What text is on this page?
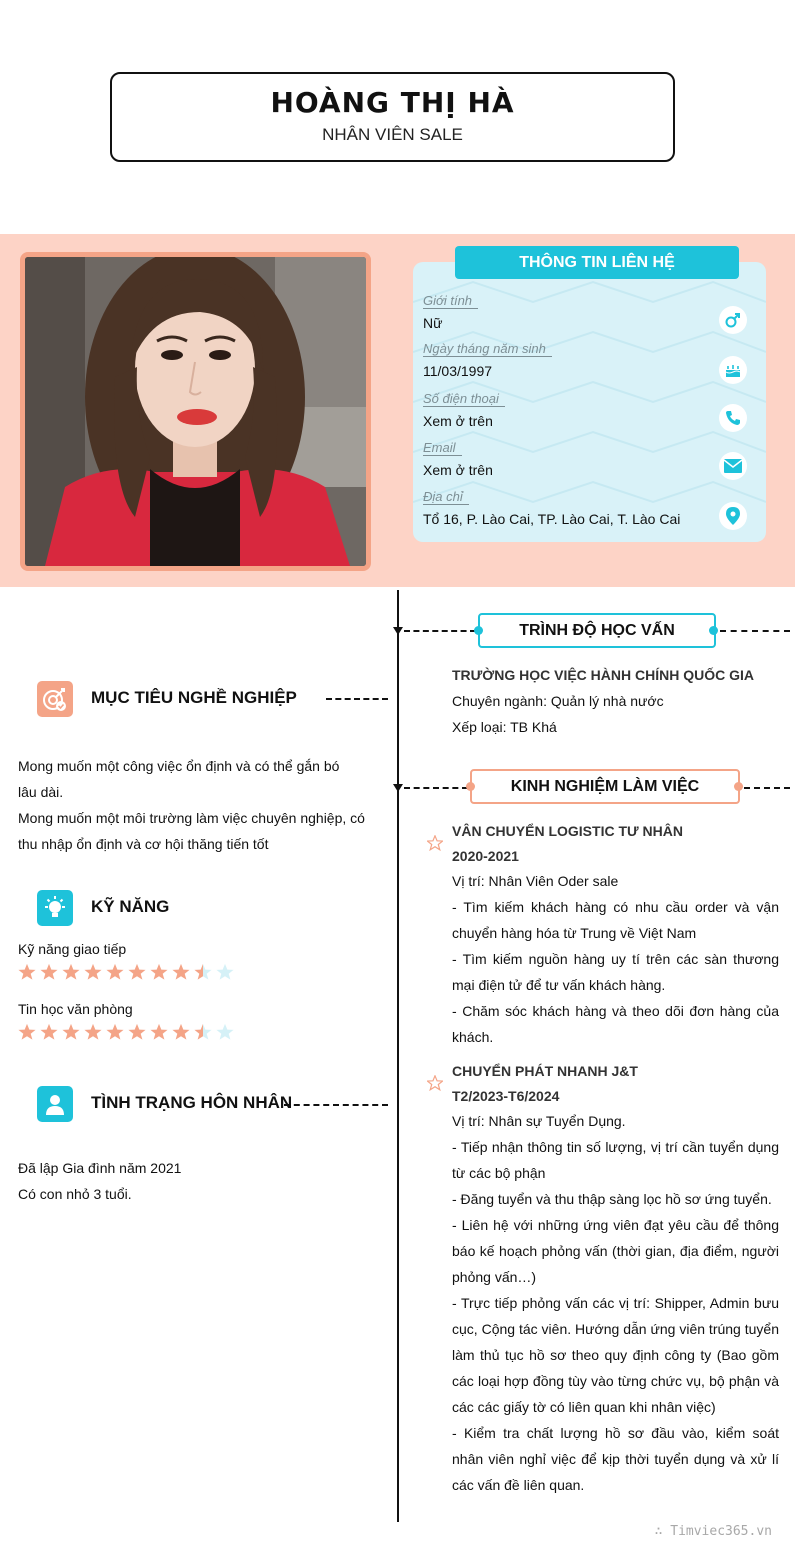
HOÀNG THỊ HÀ
NHÂN VIÊN SALE
THÔNG TIN LIÊN HỆ
Giới tính
Nữ
Ngày tháng năm sinh
11/03/1997
Số điện thoại
Xem ở trên
Email
Xem ở trên
Địa chỉ
Tổ 16, P. Lào Cai, TP. Lào Cai, T. Lào Cai
TRÌNH ĐỘ HỌC VẤN
TRƯỜNG HỌC VIỆC HÀNH CHÍNH QUỐC GIA
Chuyên ngành: Quản lý nhà nước
Xếp loại: TB Khá
KINH NGHIỆM LÀM VIỆC
VÂN CHUYỂN LOGISTIC TƯ NHÂN
2020-2021
Vị trí: Nhân Viên Oder sale
- Tìm kiếm khách hàng có nhu cầu order và vận chuyển hàng hóa từ Trung về Việt Nam
- Tìm kiếm nguồn hàng uy tí trên các sàn thương mại điện tử để tư vấn khách hàng.
- Chăm sóc khách hàng và theo dõi đơn hàng của khách.
CHUYỂN PHÁT NHANH J&T
T2/2023-T6/2024
Vị trí: Nhân sự Tuyển Dụng.
- Tiếp nhận thông tin số lượng, vị trí cần tuyển dụng từ các bộ phận
- Đăng tuyển và thu thập sàng lọc hồ sơ ứng tuyển.
- Liên hệ với những ứng viên đạt yêu cầu để thông báo kế hoạch phỏng vấn (thời gian, địa điểm, người phỏng vấn…)
- Trực tiếp phỏng vấn các vị trí: Shipper, Admin bưu cục, Cộng tác viên. Hướng dẫn ứng viên trúng tuyển làm thủ tục hồ sơ theo quy định công ty (Bao gồm các loại hợp đồng tùy vào từng chức vụ, bộ phận và các các giấy tờ có liên quan khi nhân việc)
- Kiểm tra chất lượng hồ sơ đầu vào, kiểm soát nhân viên nghỉ việc để kịp thời tuyển dụng và xử lí các vấn đề liên quan.
MỤC TIÊU NGHỀ NGHIỆP
Mong muốn một công việc ổn định và có thể gắn bó
lâu dài.
Mong muốn một môi trường làm việc chuyên nghiệp, có
thu nhập ổn định và cơ hội thăng tiến tốt
KỸ NĂNG
Kỹ năng giao tiếp
Tin học văn phòng
TÌNH TRẠNG HÔN NHÂN
Đã lập Gia đình năm 2021
Có con nhỏ 3 tuổi.
∴ Timviec365.vn
